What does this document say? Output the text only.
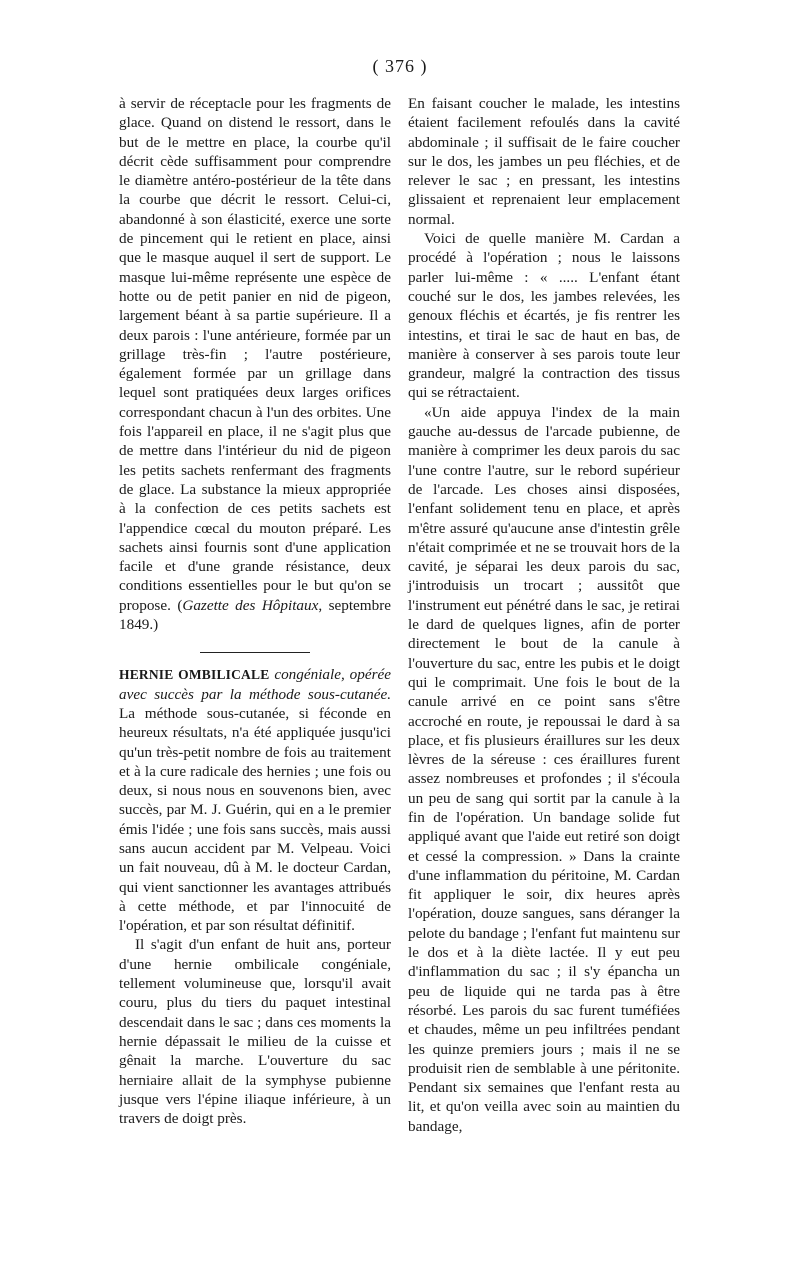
( 376 )

à servir de réceptacle pour les fragments de glace. Quand on distend le ressort, dans le but de le mettre en place, la courbe qu'il décrit cède suffisamment pour comprendre le diamètre antéro-postérieur de la tête dans la courbe que décrit le ressort. Celui-ci, abandonné à son élasticité, exerce une sorte de pincement qui le retient en place, ainsi que le masque auquel il sert de support. Le masque lui-même représente une espèce de hotte ou de petit panier en nid de pigeon, largement béant à sa partie supérieure. Il a deux parois : l'une antérieure, formée par un grillage très-fin ; l'autre postérieure, également formée par un grillage dans lequel sont pratiquées deux larges orifices correspondant chacun à l'un des orbites. Une fois l'appareil en place, il ne s'agit plus que de mettre dans l'intérieur du nid de pigeon les petits sachets renfermant des fragments de glace. La substance la mieux appropriée à la confection de ces petits sachets est l'appendice cœcal du mouton préparé. Les sachets ainsi fournis sont d'une application facile et d'une grande résistance, deux conditions essentielles pour le but qu'on se propose. (Gazette des Hôpitaux, septembre 1849.)

HERNIE OMBILICALE congéniale, opérée avec succès par la méthode sous-cutanée. La méthode sous-cutanée, si féconde en heureux résultats, n'a été appliquée jusqu'ici qu'un très-petit nombre de fois au traitement et à la cure radicale des hernies ; une fois ou deux, si nous nous en souvenons bien, avec succès, par M. J. Guérin, qui en a le premier émis l'idée ; une fois sans succès, mais aussi sans aucun accident par M. Velpeau. Voici un fait nouveau, dû à M. le docteur Cardan, qui vient sanctionner les avantages attribués à cette méthode, et par l'innocuité de l'opération, et par son résultat définitif.

Il s'agit d'un enfant de huit ans, porteur d'une hernie ombilicale congéniale, tellement volumineuse que, lorsqu'il avait couru, plus du tiers du paquet intestinal descendait dans le sac ; dans ces moments la hernie dépassait le milieu de la cuisse et gênait la marche. L'ouverture du sac herniaire allait de la symphyse pubienne jusque vers l'épine iliaque inférieure, à un travers de doigt près.

En faisant coucher le malade, les intestins étaient facilement refoulés dans la cavité abdominale ; il suffisait de le faire coucher sur le dos, les jambes un peu fléchies, et de relever le sac ; en pressant, les intestins glissaient et reprenaient leur emplacement normal.

Voici de quelle manière M. Cardan a procédé à l'opération ; nous le laissons parler lui-même : « ..... L'enfant étant couché sur le dos, les jambes relevées, les genoux fléchis et écartés, je fis rentrer les intestins, et tirai le sac de haut en bas, de manière à conserver à ses parois toute leur grandeur, malgré la contraction des tissus qui se rétractaient.

«Un aide appuya l'index de la main gauche au-dessus de l'arcade pubienne, de manière à comprimer les deux parois du sac l'une contre l'autre, sur le rebord supérieur de l'arcade. Les choses ainsi disposées, l'enfant solidement tenu en place, et après m'être assuré qu'aucune anse d'intestin grêle n'était comprimée et ne se trouvait hors de la cavité, je séparai les deux parois du sac, j'introduisis un trocart ; aussitôt que l'instrument eut pénétré dans le sac, je retirai le dard de quelques lignes, afin de porter directement le bout de la canule à l'ouverture du sac, entre les pubis et le doigt qui le comprimait. Une fois le bout de la canule arrivé en ce point sans s'être accroché en route, je repoussai le dard à sa place, et fis plusieurs éraillures sur les deux lèvres de la séreuse : ces éraillures furent assez nombreuses et profondes ; il s'écoula un peu de sang qui sortit par la canule à la fin de l'opération. Un bandage solide fut appliqué avant que l'aide eut retiré son doigt et cessé la compression. » Dans la crainte d'une inflammation du péritoine, M. Cardan fit appliquer le soir, dix heures après l'opération, douze sangues, sans déranger la pelote du bandage ; l'enfant fut maintenu sur le dos et à la diète lactée. Il y eut peu d'inflammation du sac ; il s'y épancha un peu de liquide qui ne tarda pas à être résorbé. Les parois du sac furent tuméfiées et chaudes, même un peu infiltrées pendant les quinze premiers jours ; mais il ne se produisit rien de semblable à une péritonite. Pendant six semaines que l'enfant resta au lit, et qu'on veilla avec soin au maintien du bandage,
